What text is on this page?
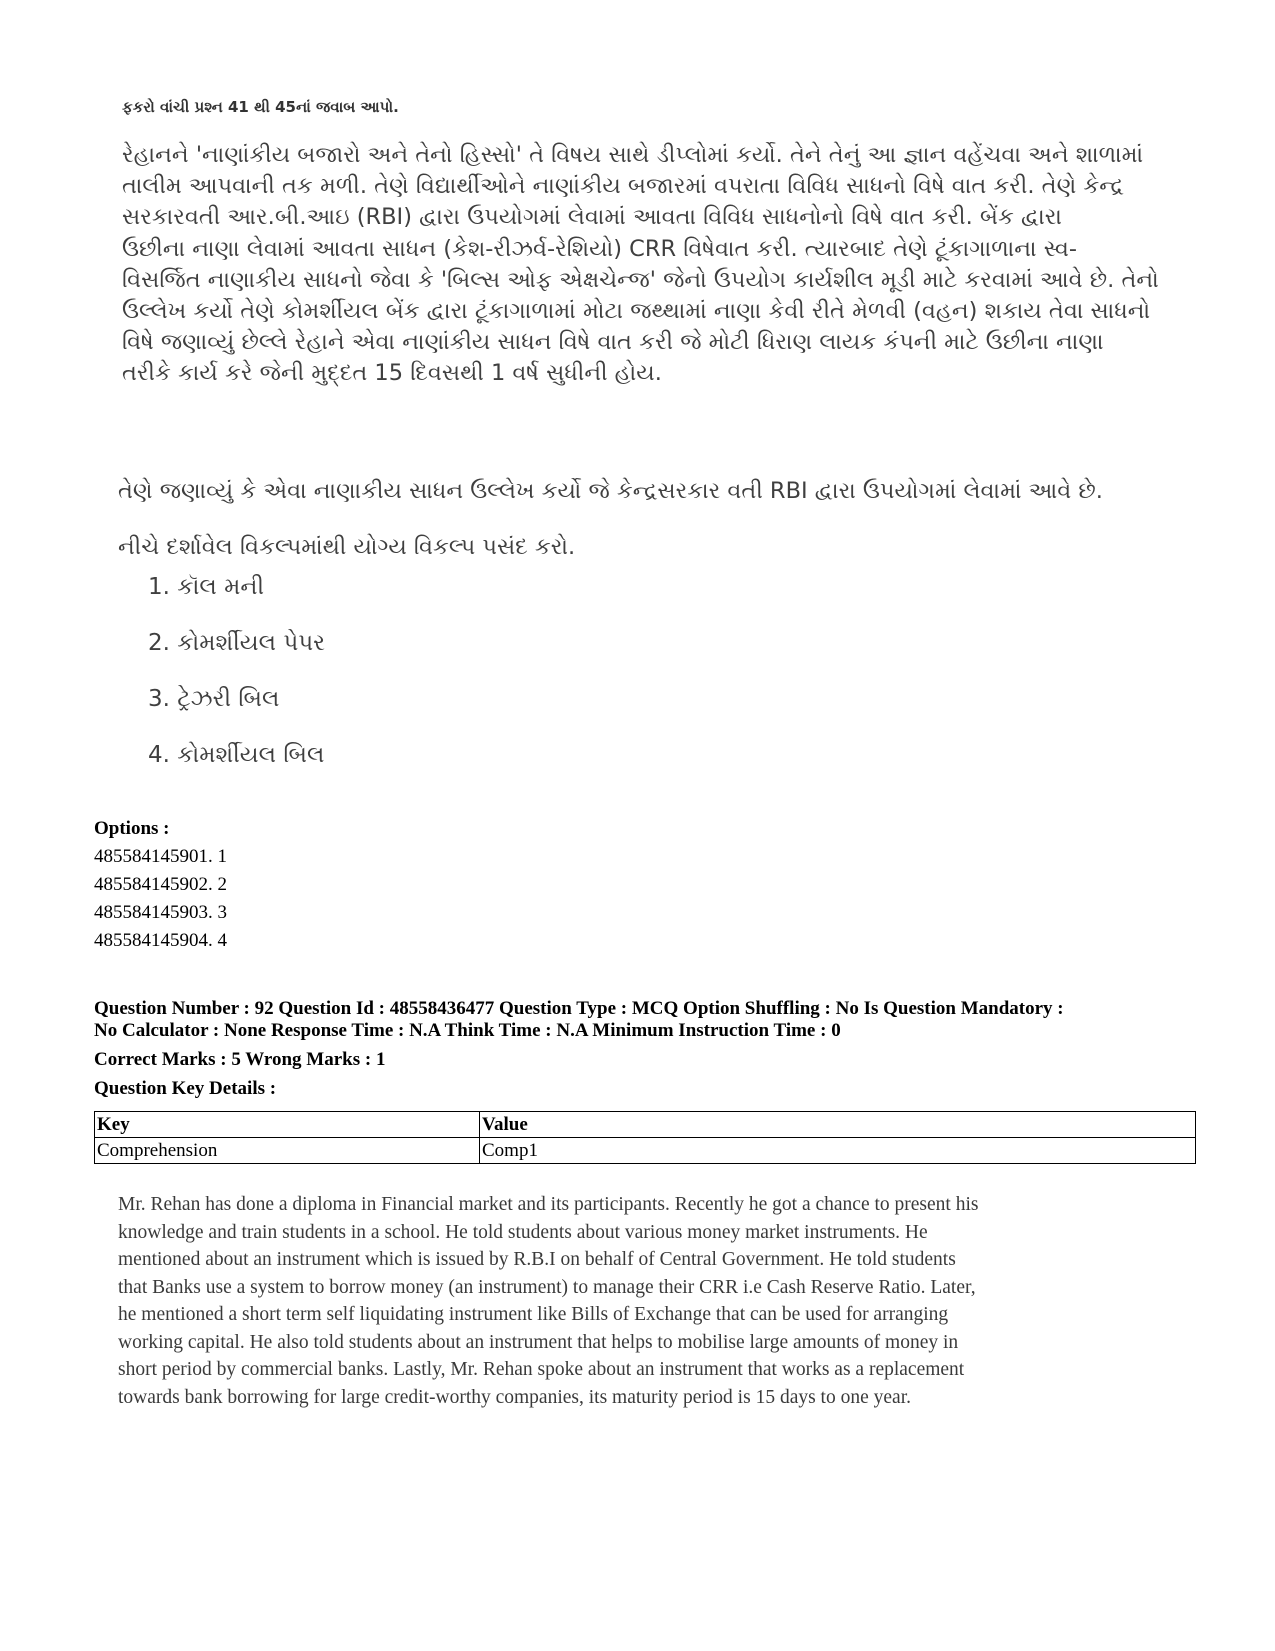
ફકરો વાંચી પ્રશ્ન 41 થી 45નાં જવાબ આપો.

રેહાનને 'નાણાંકીય બજારો અને તેનો હિસ્સો' તે વિષય સાથે ડીપ્લોમાં કર્યો. તેને તેનું આ જ્ઞાન વહેંચવા અને શાળામાં

તાલીમ આપવાની તક મળી. તેણે વિદ્યાર્થીઓને નાણાંકીય બજારમાં વપરાતા વિવિધ સાધનો વિષે વાત કરી. તેણે કેન્દ્ર

સરકારવતી આર.બી.આઇ (RBI) દ્વારા ઉપયોગમાં લેવામાં આવતા વિવિધ સાધનોનો વિષે વાત કરી. બેંક દ્વારા

ઉછીના નાણા લેવામાં આવતા સાધન (કેશ-રીઝર્વ-રેશિયો) CRR વિષેવાત કરી. ત્યારબાદ તેણે ટૂંકાગાળાના સ્વ-

વિસર્જિત નાણાકીય સાધનો જેવા કે 'બિલ્સ ઓફ એક્ષચેન્જ' જેનો ઉપયોગ કાર્યશીલ મૂડી માટે કરવામાં આવે છે. તેનો

ઉલ્લેખ કર્યો તેણે કોમર્શીયલ બેંક દ્વારા ટૂંકાગાળામાં મોટા જથ્થામાં નાણા કેવી રીતે મેળવી (વહન) શકાય તેવા સાધનો

વિષે જણાવ્યું છેલ્લે રેહાને એવા નાણાંકીય સાધન વિષે વાત કરી જે મોટી ધિરાણ લાયક કંપની માટે ઉછીના નાણા

તરીકે કાર્ય કરે જેની મુદ્દત 15 દિવસથી 1 વર્ષ સુધીની હોય.

તેણે જણાવ્યું કે એવા નાણાકીય સાધન ઉલ્લેખ કર્યો જે કેન્દ્રસરકાર વતી RBI દ્વારા ઉપયોગમાં લેવામાં આવે છે.
નીચે દર્શાવેલ વિકલ્પમાંથી યોગ્ય વિકલ્પ પસંદ કરો.
1. કૉલ મની
2. કોમર્શીયલ પેપર
3. ટ્રેઝરી બિલ
4. કોમર્શીયલ બિલ
Options :
485584145901. 1
485584145902. 2
485584145903. 3
485584145904. 4
Question Number : 92 Question Id : 48558436477 Question Type : MCQ Option Shuffling : No Is Question Mandatory :
No Calculator : None Response Time : N.A Think Time : N.A Minimum Instruction Time : 0
Correct Marks : 5 Wrong Marks : 1
Question Key Details :
Key	Value
Comprehension	Comp1

Mr. Rehan has done a diploma in Financial market and its participants. Recently he got a chance to present his

knowledge and train students in a school. He told students about various money market instruments. He

mentioned about an instrument which is issued by R.B.I on behalf of Central Government. He told students

that Banks use a system to borrow money (an instrument) to manage their CRR i.e Cash Reserve Ratio. Later,

he mentioned a short term self liquidating instrument like Bills of Exchange that can be used for arranging

working capital. He also told students about an instrument that helps to mobilise large amounts of money in

short period by commercial banks. Lastly, Mr. Rehan spoke about an instrument that works as a replacement

towards bank borrowing for large credit-worthy companies, its maturity period is 15 days to one year.
